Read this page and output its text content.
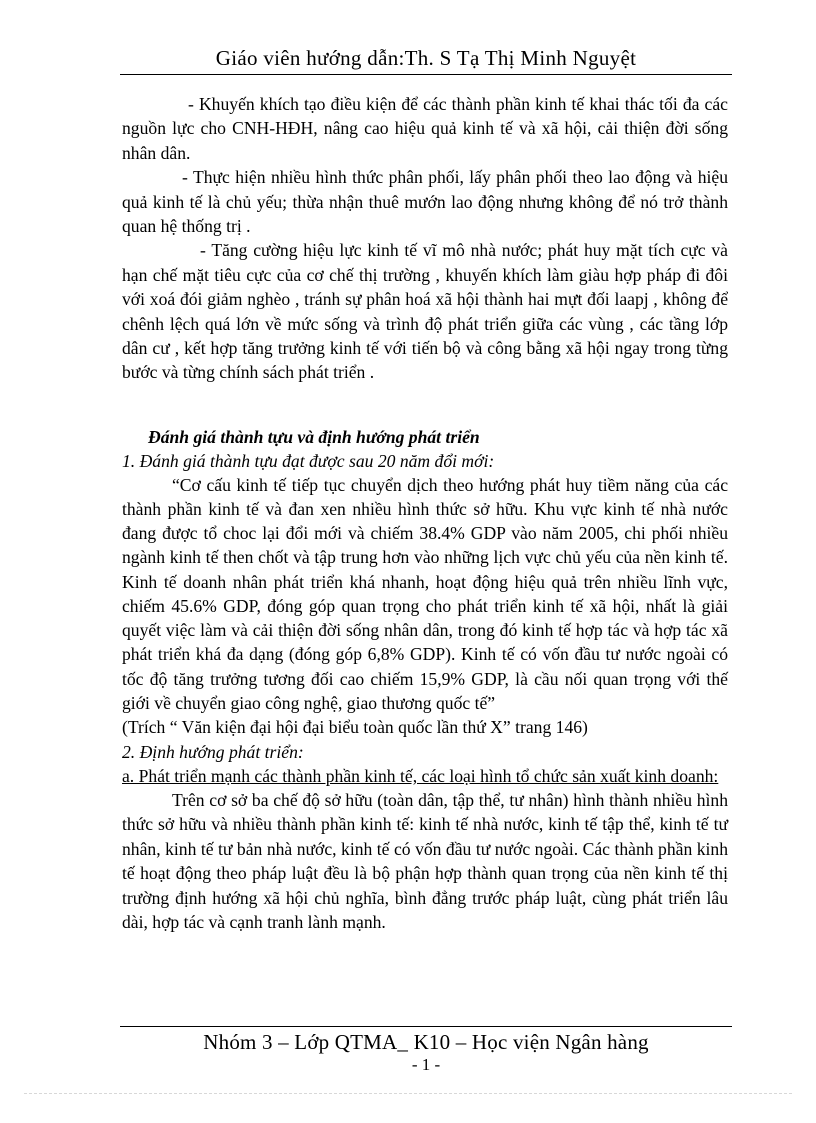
Giáo viên hướng dẫn:Th. S Tạ Thị Minh Nguyệt

- Khuyến khích tạo điều kiện để các thành phần kinh tế khai thác tối đa các nguồn lực cho CNH-HĐH, nâng cao hiệu quả kinh tế và xã hội, cải thiện đời sống nhân dân.

- Thực hiện nhiều hình thức phân phối, lấy phân phối theo lao động và hiệu quả kinh tế là chủ yếu; thừa nhận thuê mướn lao động nhưng không để nó trở thành quan hệ thống trị .

- Tăng cường hiệu lực kinh tế vĩ mô nhà nước; phát huy mặt tích cực và hạn chế mặt tiêu cực của cơ chế thị trường , khuyến khích làm giàu hợp pháp đi đôi với xoá đói giảm nghèo , tránh sự phân hoá xã hội thành hai mựt đối laapj , không để chênh lệch quá lớn về mức sống và trình độ phát triển giữa các vùng , các tầng lớp dân cư , kết hợp tăng trưởng kinh tế với tiến bộ và công bằng xã hội ngay trong từng bước và từng chính sách phát triển .

Đánh giá thành tựu và định hướng phát triển

1. Đánh giá thành tựu đạt được sau 20 năm đổi mới:

“Cơ cấu kinh tế tiếp tục chuyển dịch theo hướng phát huy tiềm năng của các thành phần kinh tế và đan xen nhiều hình thức sở hữu. Khu vực kinh tế nhà nước đang được tổ choc lại đổi mới và chiếm 38.4% GDP vào năm 2005, chi phối nhiều ngành kinh tế then chốt và tập trung hơn vào những lịch vực chủ yếu của nền kinh tế. Kinh tế doanh nhân phát triển khá nhanh, hoạt động hiệu quả trên nhiều lĩnh vực, chiếm 45.6% GDP, đóng góp quan trọng cho phát triển kinh tế xã hội, nhất là giải quyết việc làm và cải thiện đời sống nhân dân, trong đó kinh tế hợp tác và hợp tác xã phát triển khá đa dạng (đóng góp 6,8% GDP). Kinh tế có vốn đầu tư nước ngoài có tốc độ tăng trưởng tương đối cao chiếm 15,9% GDP, là cầu nối quan trọng với thế giới về chuyển giao công nghệ, giao thương quốc tế”

(Trích “ Văn kiện đại hội đại biểu toàn quốc lần thứ X” trang 146)

2. Định hướng phát triển:

a. Phát triển mạnh các thành phần kinh tế, các loại hình tổ chức sản xuất kinh doanh:

Trên cơ sở ba chế độ sở hữu (toàn dân, tập thể, tư nhân) hình thành nhiều hình thức sở hữu và nhiều thành phần kinh tế: kinh tế nhà nước, kinh tế tập thể, kinh tế tư nhân, kinh tế tư bản nhà nước, kinh tế có vốn đầu tư nước ngoài. Các thành phần kinh tế hoạt động theo pháp luật đều là bộ phận hợp thành quan trọng của nền kinh tế thị trường định hướng xã hội chủ nghĩa, bình đẳng trước pháp luật, cùng phát triển lâu dài, hợp tác và cạnh tranh lành mạnh.

Nhóm 3 – Lớp QTMA_ K10 – Học viện Ngân hàng
- 1 -
